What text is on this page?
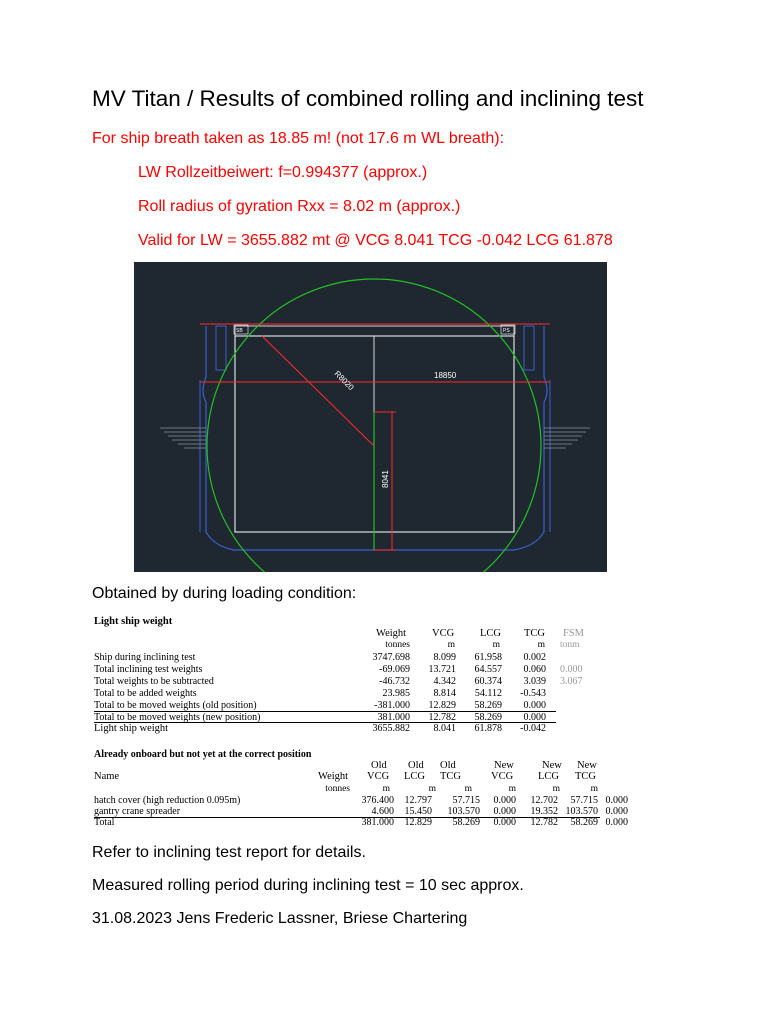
MV Titan / Results of combined rolling and inclining test
For ship breath taken as 18.85 m! (not 17.6 m WL breath):
LW Rollzeitbeiwert: f=0.994377 (approx.)
Roll radius of gyration Rxx = 8.02 m (approx.)
Valid for LW = 3655.882 mt @ VCG 8.041 TCG -0.042 LCG 61.878
SB	PS
18850
R8020
8041
Obtained by during loading condition:
Light ship weight
Weight VCG LCG TCG FSM
tonnes	m	m	m tonm
Ship during inclining test	3747.698	8.099	61.958	0.002
Total inclining test weights	-69.069	13.721	64.557	0.060 0.000
Total weights to be subtracted	-46.732	4.342	60.374	3.039 3.067
Total to be added weights	23.985	8.814	54.112	-0.543
Total to be moved weights (old position)	-381.000	12.829	58.269	0.000
Total to be moved weights (new position)	381.000	12.782	58.269	0.000
Light ship weight	3655.882	8.041	61.878	-0.042
Already onboard but not yet at the correct position
Old Old Old	New	New New
Name	Weight VCG LCG TCG	VCG LCG TCG
tonnes	m	m	m	m	m	m
hatch cover (high reduction 0.095m)	376.400	12.797	57.715	0.000	12.702	57.715 0.000
gantry crane spreader	4.600	15.450 103.570	0.000	19.352 103.570 0.000
Total	381.000	12.829	58.269	0.000	12.782	58.269 0.000
Refer to inclining test report for details.
Measured rolling period during inclining test = 10 sec approx.
31.08.2023 Jens Frederic Lassner, Briese Chartering
